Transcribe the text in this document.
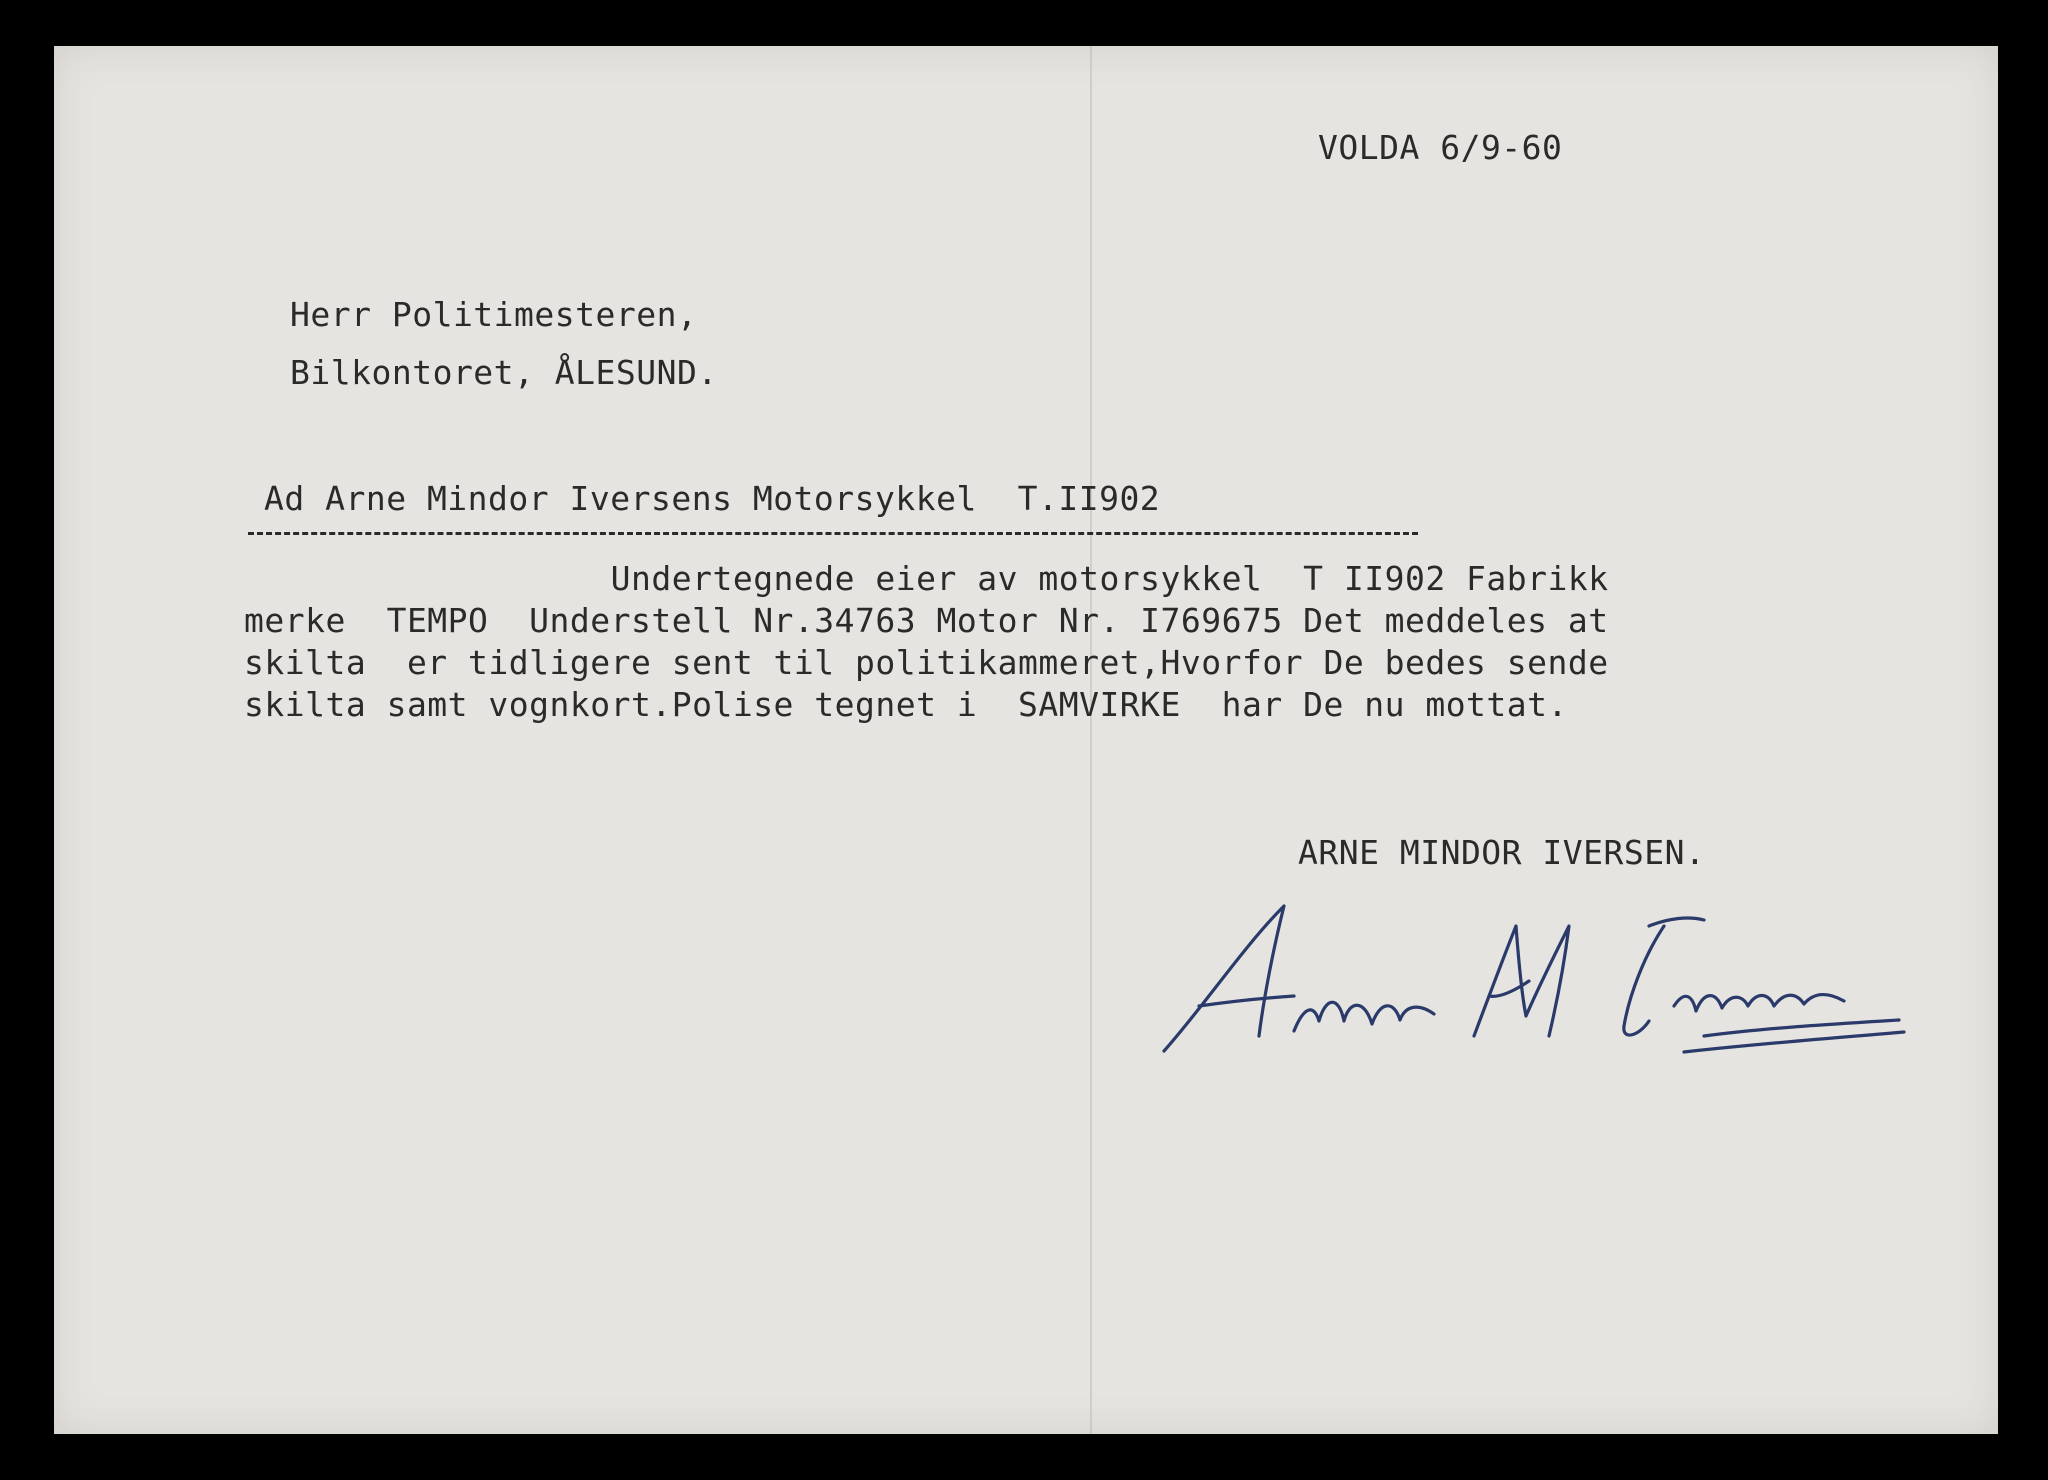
VOLDA 6/9-60
Herr Politimesteren,
Bilkontoret, ÅLESUND.
Ad Arne Mindor Iversens Motorsykkel  T.II902
Undertegnede eier av motorsykkel  T II902 Fabrikk
merke  TEMPO  Understell Nr.34763 Motor Nr. I769675 Det meddeles at
skilta  er tidligere sent til politikammeret,Hvorfor De bedes sende
skilta samt vognkort.Polise tegnet i  SAMVIRKE  har De nu mottat.
ARNE MINDOR IVERSEN.
